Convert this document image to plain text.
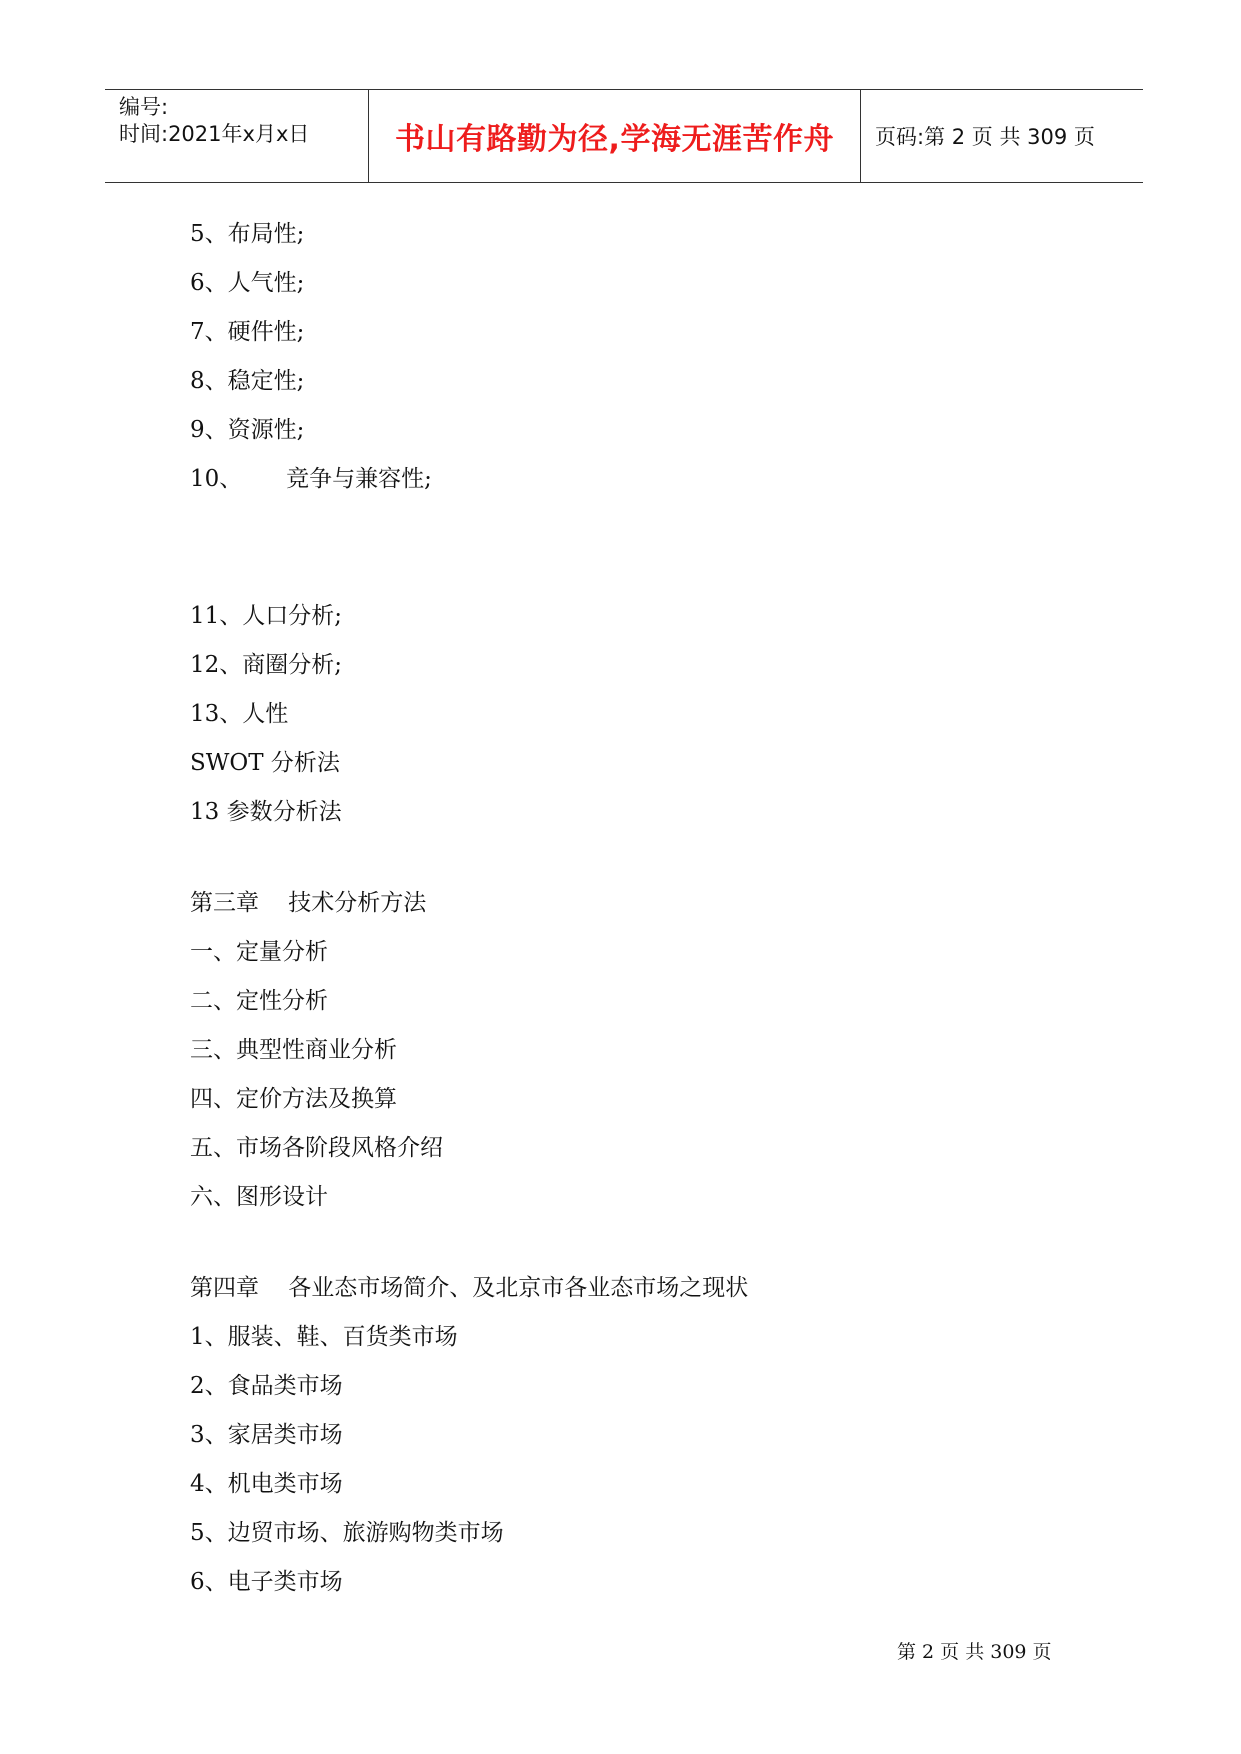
编号:
时间:2021年x月x日	书山有路勤为径,学海无涯苦作舟	页码:第 2 页 共 309 页
5、布局性;
6、人气性;
7、硬件性;
8、稳定性;
9、资源性;
10、      竞争与兼容性;
11、人口分析;
12、商圈分析;
13、人性
SWOT 分析法
13 参数分析法
第三章    技术分析方法
一、定量分析
二、定性分析
三、典型性商业分析
四、定价方法及换算
五、市场各阶段风格介绍
六、图形设计
第四章    各业态市场简介、及北京市各业态市场之现状
1、服装、鞋、百货类市场
2、食品类市场
3、家居类市场
4、机电类市场
5、边贸市场、旅游购物类市场
6、电子类市场
第 2 页 共 309 页
